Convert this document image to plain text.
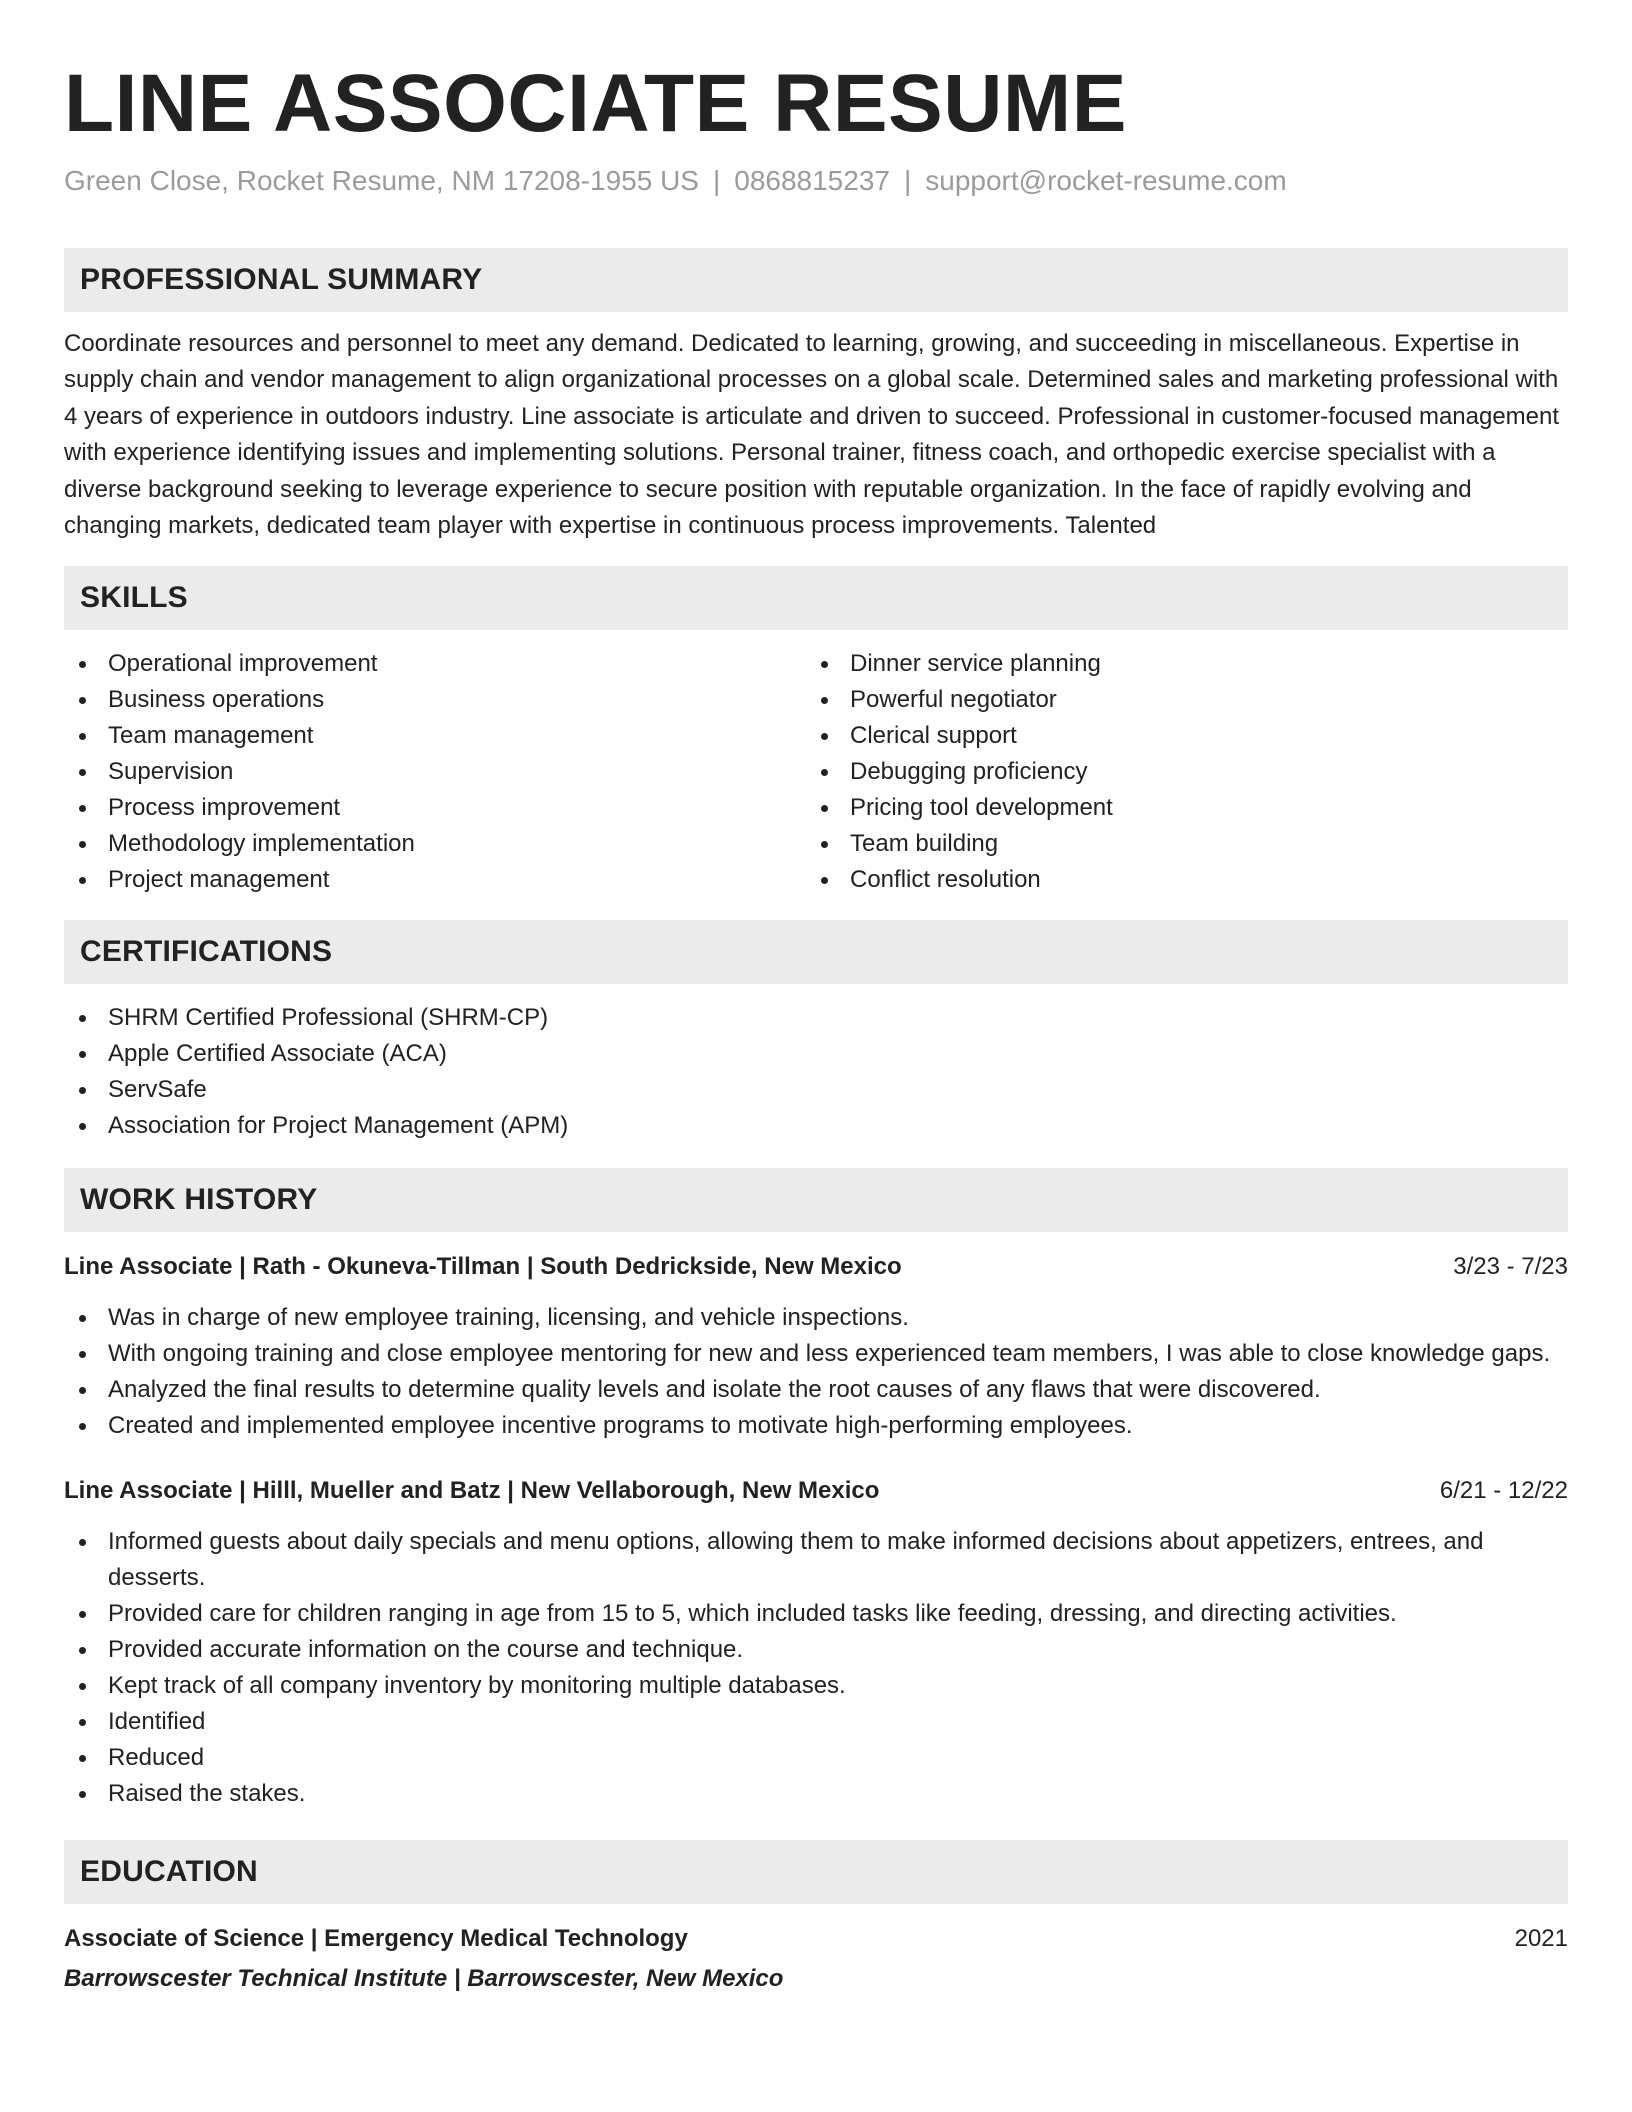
LINE ASSOCIATE RESUME
Green Close, Rocket Resume, NM 17208-1955 US | 0868815237 | support@rocket-resume.com
PROFESSIONAL SUMMARY

Coordinate resources and personnel to meet any demand. Dedicated to learning, growing, and succeeding in miscellaneous. Expertise in supply chain and vendor management to align organizational processes on a global scale. Determined sales and marketing professional with 4 years of experience in outdoors industry. Line associate is articulate and driven to succeed. Professional in customer-focused management with experience identifying issues and implementing solutions. Personal trainer, fitness coach, and orthopedic exercise specialist with a diverse background seeking to leverage experience to secure position with reputable organization. In the face of rapidly evolving and changing markets, dedicated team player with expertise in continuous process improvements. Talented

SKILLS
Operational improvement
Business operations
Team management
Supervision
Process improvement
Methodology implementation
Project management
Dinner service planning
Powerful negotiator
Clerical support
Debugging proficiency
Pricing tool development
Team building
Conflict resolution
CERTIFICATIONS
SHRM Certified Professional (SHRM-CP)
Apple Certified Associate (ACA)
ServSafe
Association for Project Management (APM)
WORK HISTORY
Line Associate | Rath - Okuneva-Tillman | South Dedrickside, New Mexico	3/23 - 7/23
Was in charge of new employee training, licensing, and vehicle inspections.
With ongoing training and close employee mentoring for new and less experienced team members, I was able to close knowledge gaps.
Analyzed the final results to determine quality levels and isolate the root causes of any flaws that were discovered.
Created and implemented employee incentive programs to motivate high-performing employees.
Line Associate | Hilll, Mueller and Batz | New Vellaborough, New Mexico	6/21 - 12/22
Informed guests about daily specials and menu options, allowing them to make informed decisions about appetizers, entrees, and desserts.
Provided care for children ranging in age from 15 to 5, which included tasks like feeding, dressing, and directing activities.
Provided accurate information on the course and technique.
Kept track of all company inventory by monitoring multiple databases.
Identified
Reduced
Raised the stakes.
EDUCATION
Associate of Science | Emergency Medical Technology	2021
Barrowscester Technical Institute | Barrowscester, New Mexico
